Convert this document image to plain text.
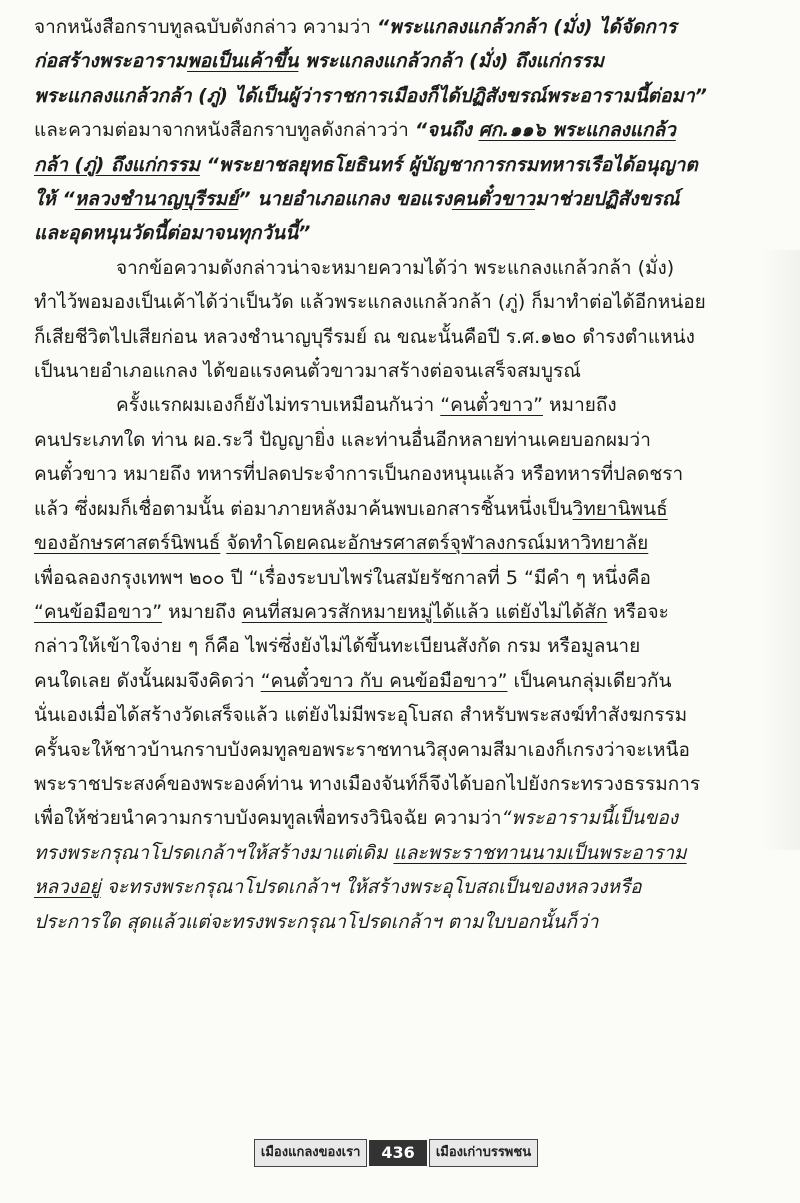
จากหนังสือกราบทูลฉบับดังกล่าว ความว่า “พระแกลงแกล้วกล้า (มั่ง) ได้จัดการ
ก่อสร้างพระอารามพอเป็นเค้าขึ้น พระแกลงแกล้วกล้า (มั่ง) ถึงแก่กรรม
พระแกลงแกล้วกล้า (ภู่) ได้เป็นผู้ว่าราชการเมืองก็ได้ปฏิสังขรณ์พระอารามนี้ต่อมา”
และความต่อมาจากหนังสือกราบทูลดังกล่าวว่า “จนถึง ศก.๑๑๖ พระแกลงแกล้ว
กล้า (ภู่) ถึงแก่กรรม “พระยาชลยุทธโยธินทร์ ผู้บัญชาการกรมทหารเรือได้อนุญาต
ให้ “หลวงชำนาญบุรีรมย์” นายอำเภอแกลง ขอแรงคนตั๋วขาวมาช่วยปฏิสังขรณ์
และอุดหนุนวัดนี้ต่อมาจนทุกวันนี้”
จากข้อความดังกล่าวน่าจะหมายความได้ว่า พระแกลงแกล้วกล้า (มั่ง)
ทำไว้พอมองเป็นเค้าได้ว่าเป็นวัด แล้วพระแกลงแกล้วกล้า (ภู่) ก็มาทำต่อได้อีกหน่อย
ก็เสียชีวิตไปเสียก่อน หลวงชำนาญบุรีรมย์ ณ ขณะนั้นคือปี ร.ศ.๑๒๐ ดำรงตำแหน่ง
เป็นนายอำเภอแกลง ได้ขอแรงคนตั๋วขาวมาสร้างต่อจนเสร็จสมบูรณ์
ครั้งแรกผมเองก็ยังไม่ทราบเหมือนกันว่า “คนตั๋วขาว” หมายถึง
คนประเภทใด ท่าน ผอ.ระวี ปัญญายิ่ง และท่านอื่นอีกหลายท่านเคยบอกผมว่า
คนตั๋วขาว หมายถึง ทหารที่ปลดประจำการเป็นกองหนุนแล้ว หรือทหารที่ปลดชรา
แล้ว ซึ่งผมก็เชื่อตามนั้น ต่อมาภายหลังมาค้นพบเอกสารชิ้นหนึ่งเป็นวิทยานิพนธ์
ของอักษรศาสตร์นิพนธ์ จัดทำโดยคณะอักษรศาสตร์จุฬาลงกรณ์มหาวิทยาลัย
เพื่อฉลองกรุงเทพฯ ๒๐๐ ปี “เรื่องระบบไพร่ในสมัยรัชกาลที่ 5 “มีคำ ๆ หนึ่งคือ
“คนข้อมือขาว” หมายถึง คนที่สมควรสักหมายหมู่ได้แล้ว แต่ยังไม่ได้สัก หรือจะ
กล่าวให้เข้าใจง่าย ๆ ก็คือ ไพร่ซึ่งยังไม่ได้ขึ้นทะเบียนสังกัด กรม หรือมูลนาย
คนใดเลย ดังนั้นผมจึงคิดว่า “คนตั๋วขาว กับ คนข้อมือขาว” เป็นคนกลุ่มเดียวกัน
นั่นเองเมื่อได้สร้างวัดเสร็จแล้ว แต่ยังไม่มีพระอุโบสถ สำหรับพระสงฆ์ทำสังฆกรรม
ครั้นจะให้ชาวบ้านกราบบังคมทูลขอพระราชทานวิสุงคามสีมาเองก็เกรงว่าจะเหนือ
พระราชประสงค์ของพระองค์ท่าน ทางเมืองจันท์ก็จึงได้บอกไปยังกระทรวงธรรมการ
เพื่อให้ช่วยนำความกราบบังคมทูลเพื่อทรงวินิจฉัย ความว่า“พระอารามนี้เป็นของ
ทรงพระกรุณาโปรดเกล้าฯให้สร้างมาแต่เดิม และพระราชทานนามเป็นพระอาราม
หลวงอยู่ จะทรงพระกรุณาโปรดเกล้าฯ ให้สร้างพระอุโบสถเป็นของหลวงหรือ
ประการใด สุดแล้วแต่จะทรงพระกรุณาโปรดเกล้าฯ ตามใบบอกนั้นก็ว่า
เมืองแกลงของเรา	436	เมืองเก่าบรรพชน
